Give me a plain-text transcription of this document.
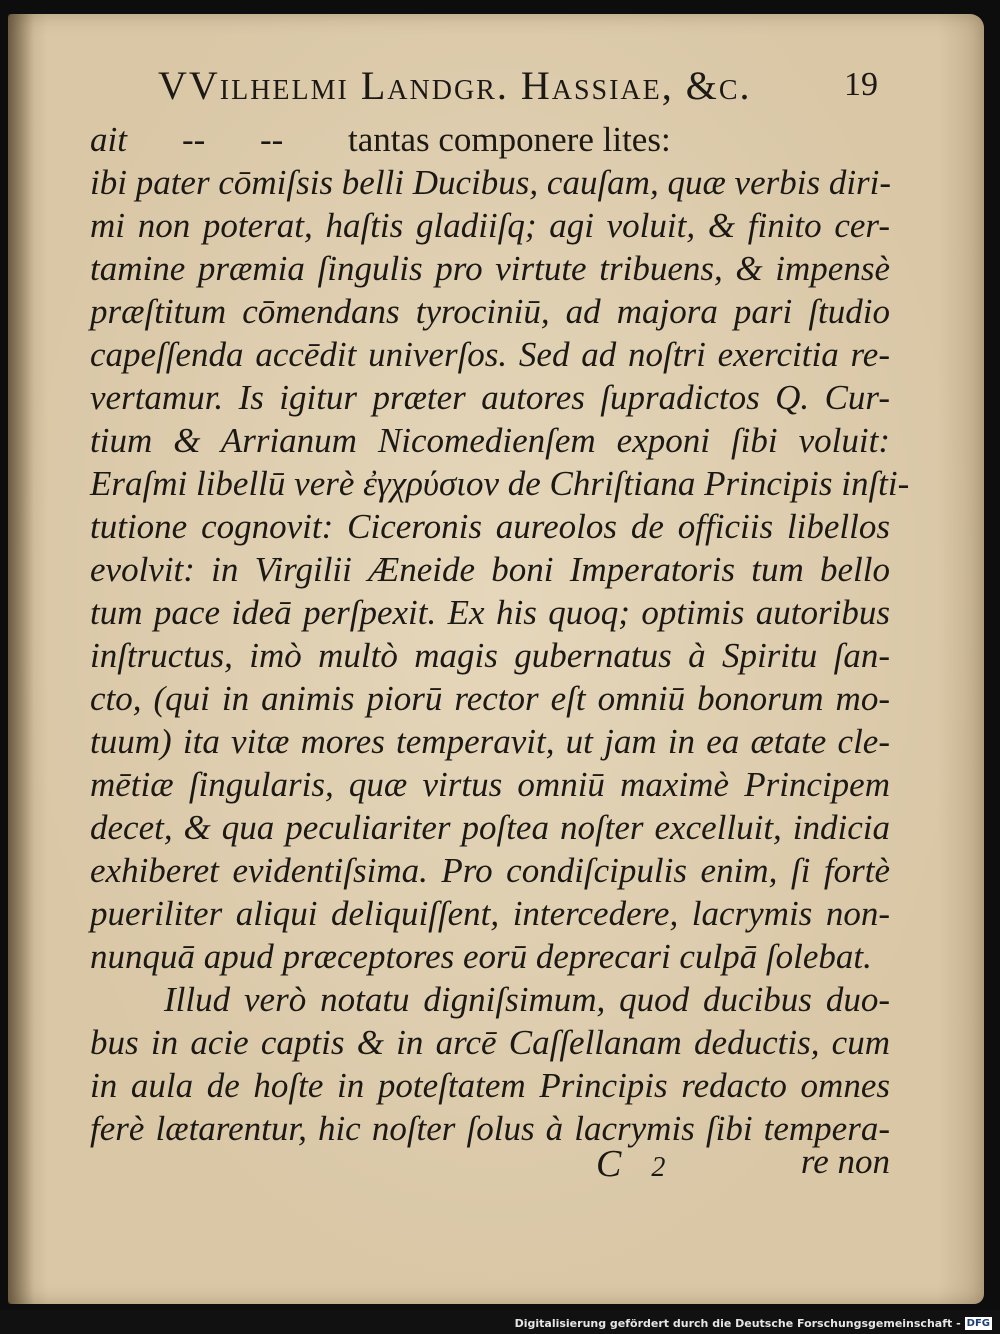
VVilhelmi Landgr. Hassiae, &c.	19
ait -- -- tantas componere lites:
ibi pater cōmiſsis belli Ducibus, cauſam, quæ verbis diri-
mi non poterat, haſtis gladiiſq; agi voluit, & finito cer-
tamine præmia ſingulis pro virtute tribuens, & impensè
præſtitum cōmendans tyrociniū, ad majora pari ſtudio
capeſſenda accēdit univerſos. Sed ad noſtri exercitia re-
vertamur. Is igitur præter autores ſupradictos Q. Cur-
tium & Arrianum Nicomedienſem exponi ſibi voluit:
Eraſmi libellū verè ἐγχρύσιον de Chriſtiana Principis inſti-
tutione cognovit: Ciceronis aureolos de officiis libellos
evolvit: in Virgilii Æneide boni Imperatoris tum bello
tum pace ideā perſpexit. Ex his quoq; optimis autoribus
inſtructus, imò multò magis gubernatus à Spiritu ſan-
cto, (qui in animis piorū rector eſt omniū bonorum mo-
tuum) ita vitæ mores temperavit, ut jam in ea ætate cle-
mētiæ ſingularis, quæ virtus omniū maximè Principem
decet, & qua peculiariter poſtea noſter excelluit, indicia
exhiberet evidentiſsima. Pro condiſcipulis enim, ſi fortè
pueriliter aliqui deliquiſſent, intercedere, lacrymis non-
nunquā apud præceptores eorū deprecari culpā ſolebat.
Illud verò notatu digniſsimum, quod ducibus duo-
bus in acie captis & in arcē Caſſellanam deductis, cum
in aula de hoſte in poteſtatem Principis redacto omnes
ferè lætarentur, hic noſter ſolus à lacrymis ſibi tempera-
C 2	re non
Digitalisierung gefördert durch die Deutsche Forschungsgemeinschaft - DFG
